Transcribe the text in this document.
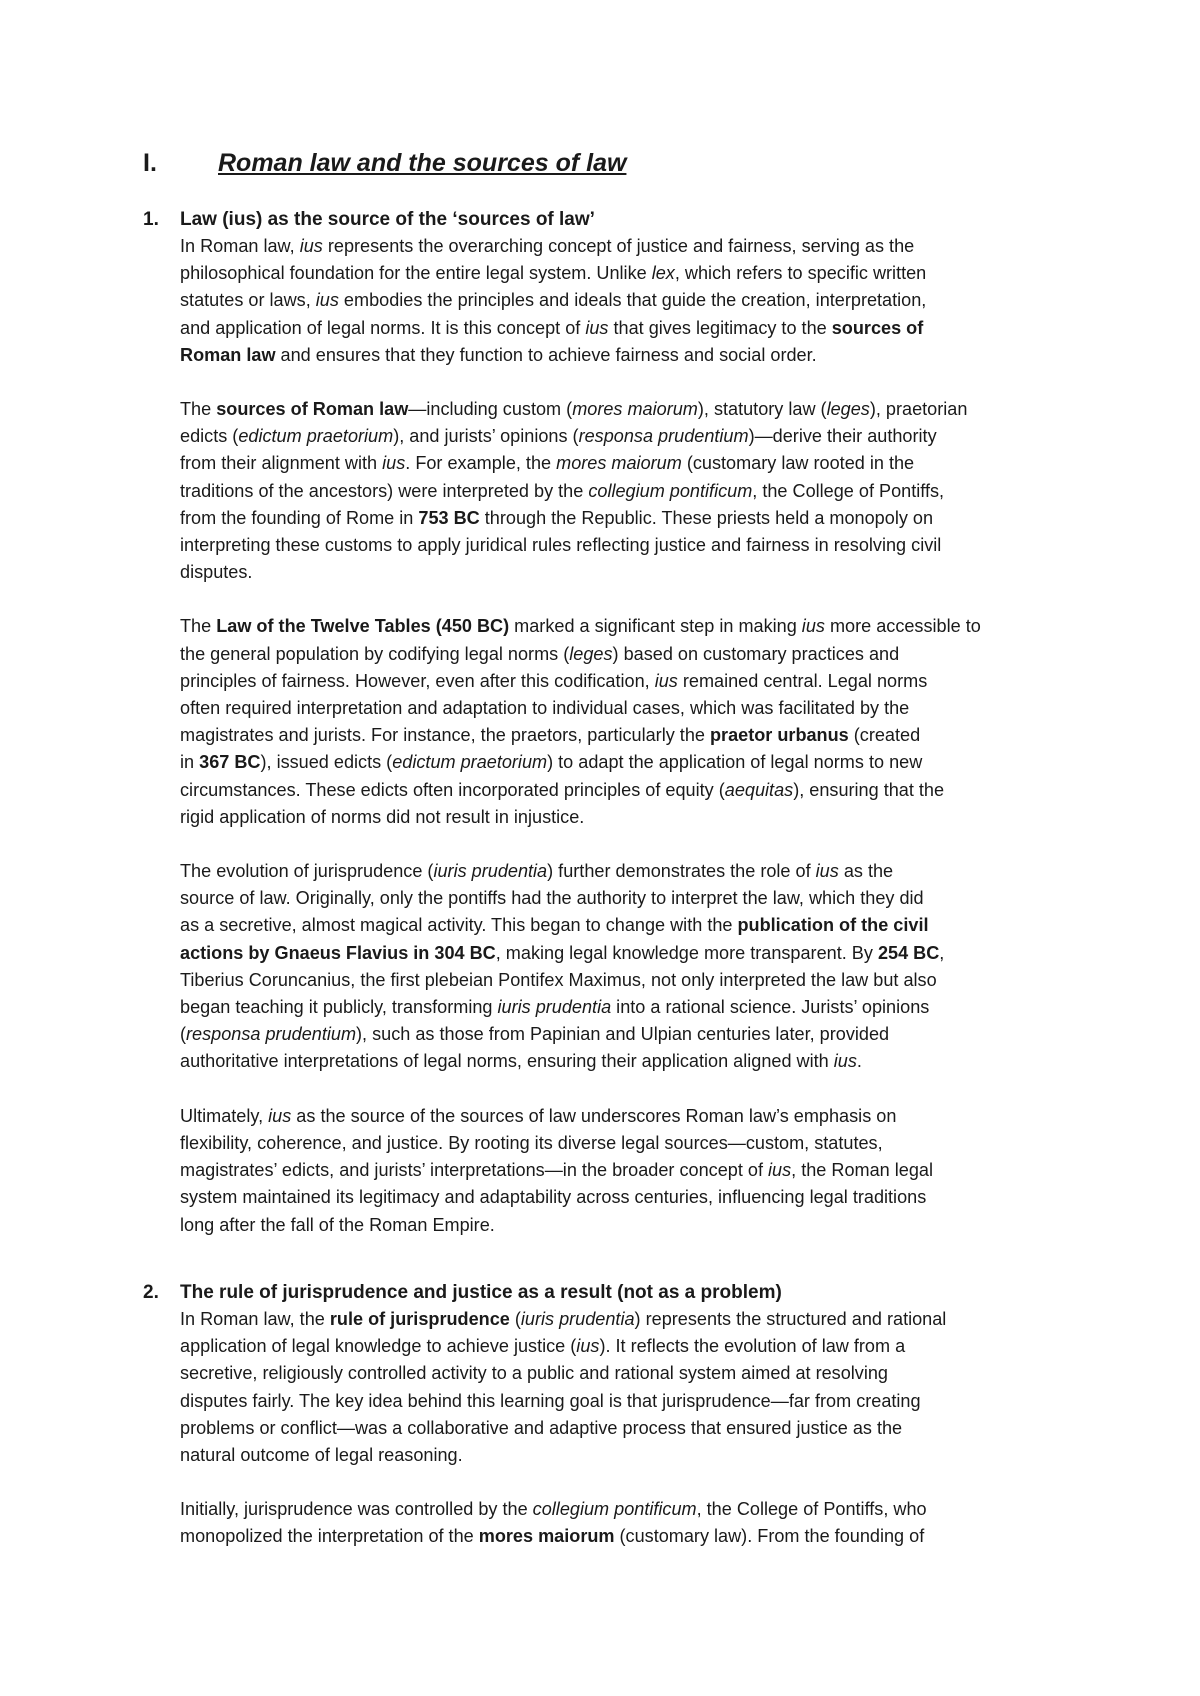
I. Roman law and the sources of law
1. Law (ius) as the source of the ‘sources of law’

In Roman law, ius represents the overarching concept of justice and fairness, serving as the
philosophical foundation for the entire legal system. Unlike lex, which refers to specific written
statutes or laws, ius embodies the principles and ideals that guide the creation, interpretation,
and application of legal norms. It is this concept of ius that gives legitimacy to the sources of
Roman law and ensures that they function to achieve fairness and social order.

The sources of Roman law—including custom (mores maiorum), statutory law (leges), praetorian
edicts (edictum praetorium), and jurists’ opinions (responsa prudentium)—derive their authority
from their alignment with ius. For example, the mores maiorum (customary law rooted in the
traditions of the ancestors) were interpreted by the collegium pontificum, the College of Pontiffs,
from the founding of Rome in 753 BC through the Republic. These priests held a monopoly on
interpreting these customs to apply juridical rules reflecting justice and fairness in resolving civil
disputes.

The Law of the Twelve Tables (450 BC) marked a significant step in making ius more accessible to
the general population by codifying legal norms (leges) based on customary practices and
principles of fairness. However, even after this codification, ius remained central. Legal norms
often required interpretation and adaptation to individual cases, which was facilitated by the
magistrates and jurists. For instance, the praetors, particularly the praetor urbanus (created
in 367 BC), issued edicts (edictum praetorium) to adapt the application of legal norms to new
circumstances. These edicts often incorporated principles of equity (aequitas), ensuring that the
rigid application of norms did not result in injustice.

The evolution of jurisprudence (iuris prudentia) further demonstrates the role of ius as the
source of law. Originally, only the pontiffs had the authority to interpret the law, which they did
as a secretive, almost magical activity. This began to change with the publication of the civil
actions by Gnaeus Flavius in 304 BC, making legal knowledge more transparent. By 254 BC,
Tiberius Coruncanius, the first plebeian Pontifex Maximus, not only interpreted the law but also
began teaching it publicly, transforming iuris prudentia into a rational science. Jurists’ opinions
(responsa prudentium), such as those from Papinian and Ulpian centuries later, provided
authoritative interpretations of legal norms, ensuring their application aligned with ius.

Ultimately, ius as the source of the sources of law underscores Roman law’s emphasis on
flexibility, coherence, and justice. By rooting its diverse legal sources—custom, statutes,
magistrates’ edicts, and jurists’ interpretations—in the broader concept of ius, the Roman legal
system maintained its legitimacy and adaptability across centuries, influencing legal traditions
long after the fall of the Roman Empire.

2. The rule of jurisprudence and justice as a result (not as a problem)

In Roman law, the rule of jurisprudence (iuris prudentia) represents the structured and rational
application of legal knowledge to achieve justice (ius). It reflects the evolution of law from a
secretive, religiously controlled activity to a public and rational system aimed at resolving
disputes fairly. The key idea behind this learning goal is that jurisprudence—far from creating
problems or conflict—was a collaborative and adaptive process that ensured justice as the
natural outcome of legal reasoning.

Initially, jurisprudence was controlled by the collegium pontificum, the College of Pontiffs, who
monopolized the interpretation of the mores maiorum (customary law). From the founding of
